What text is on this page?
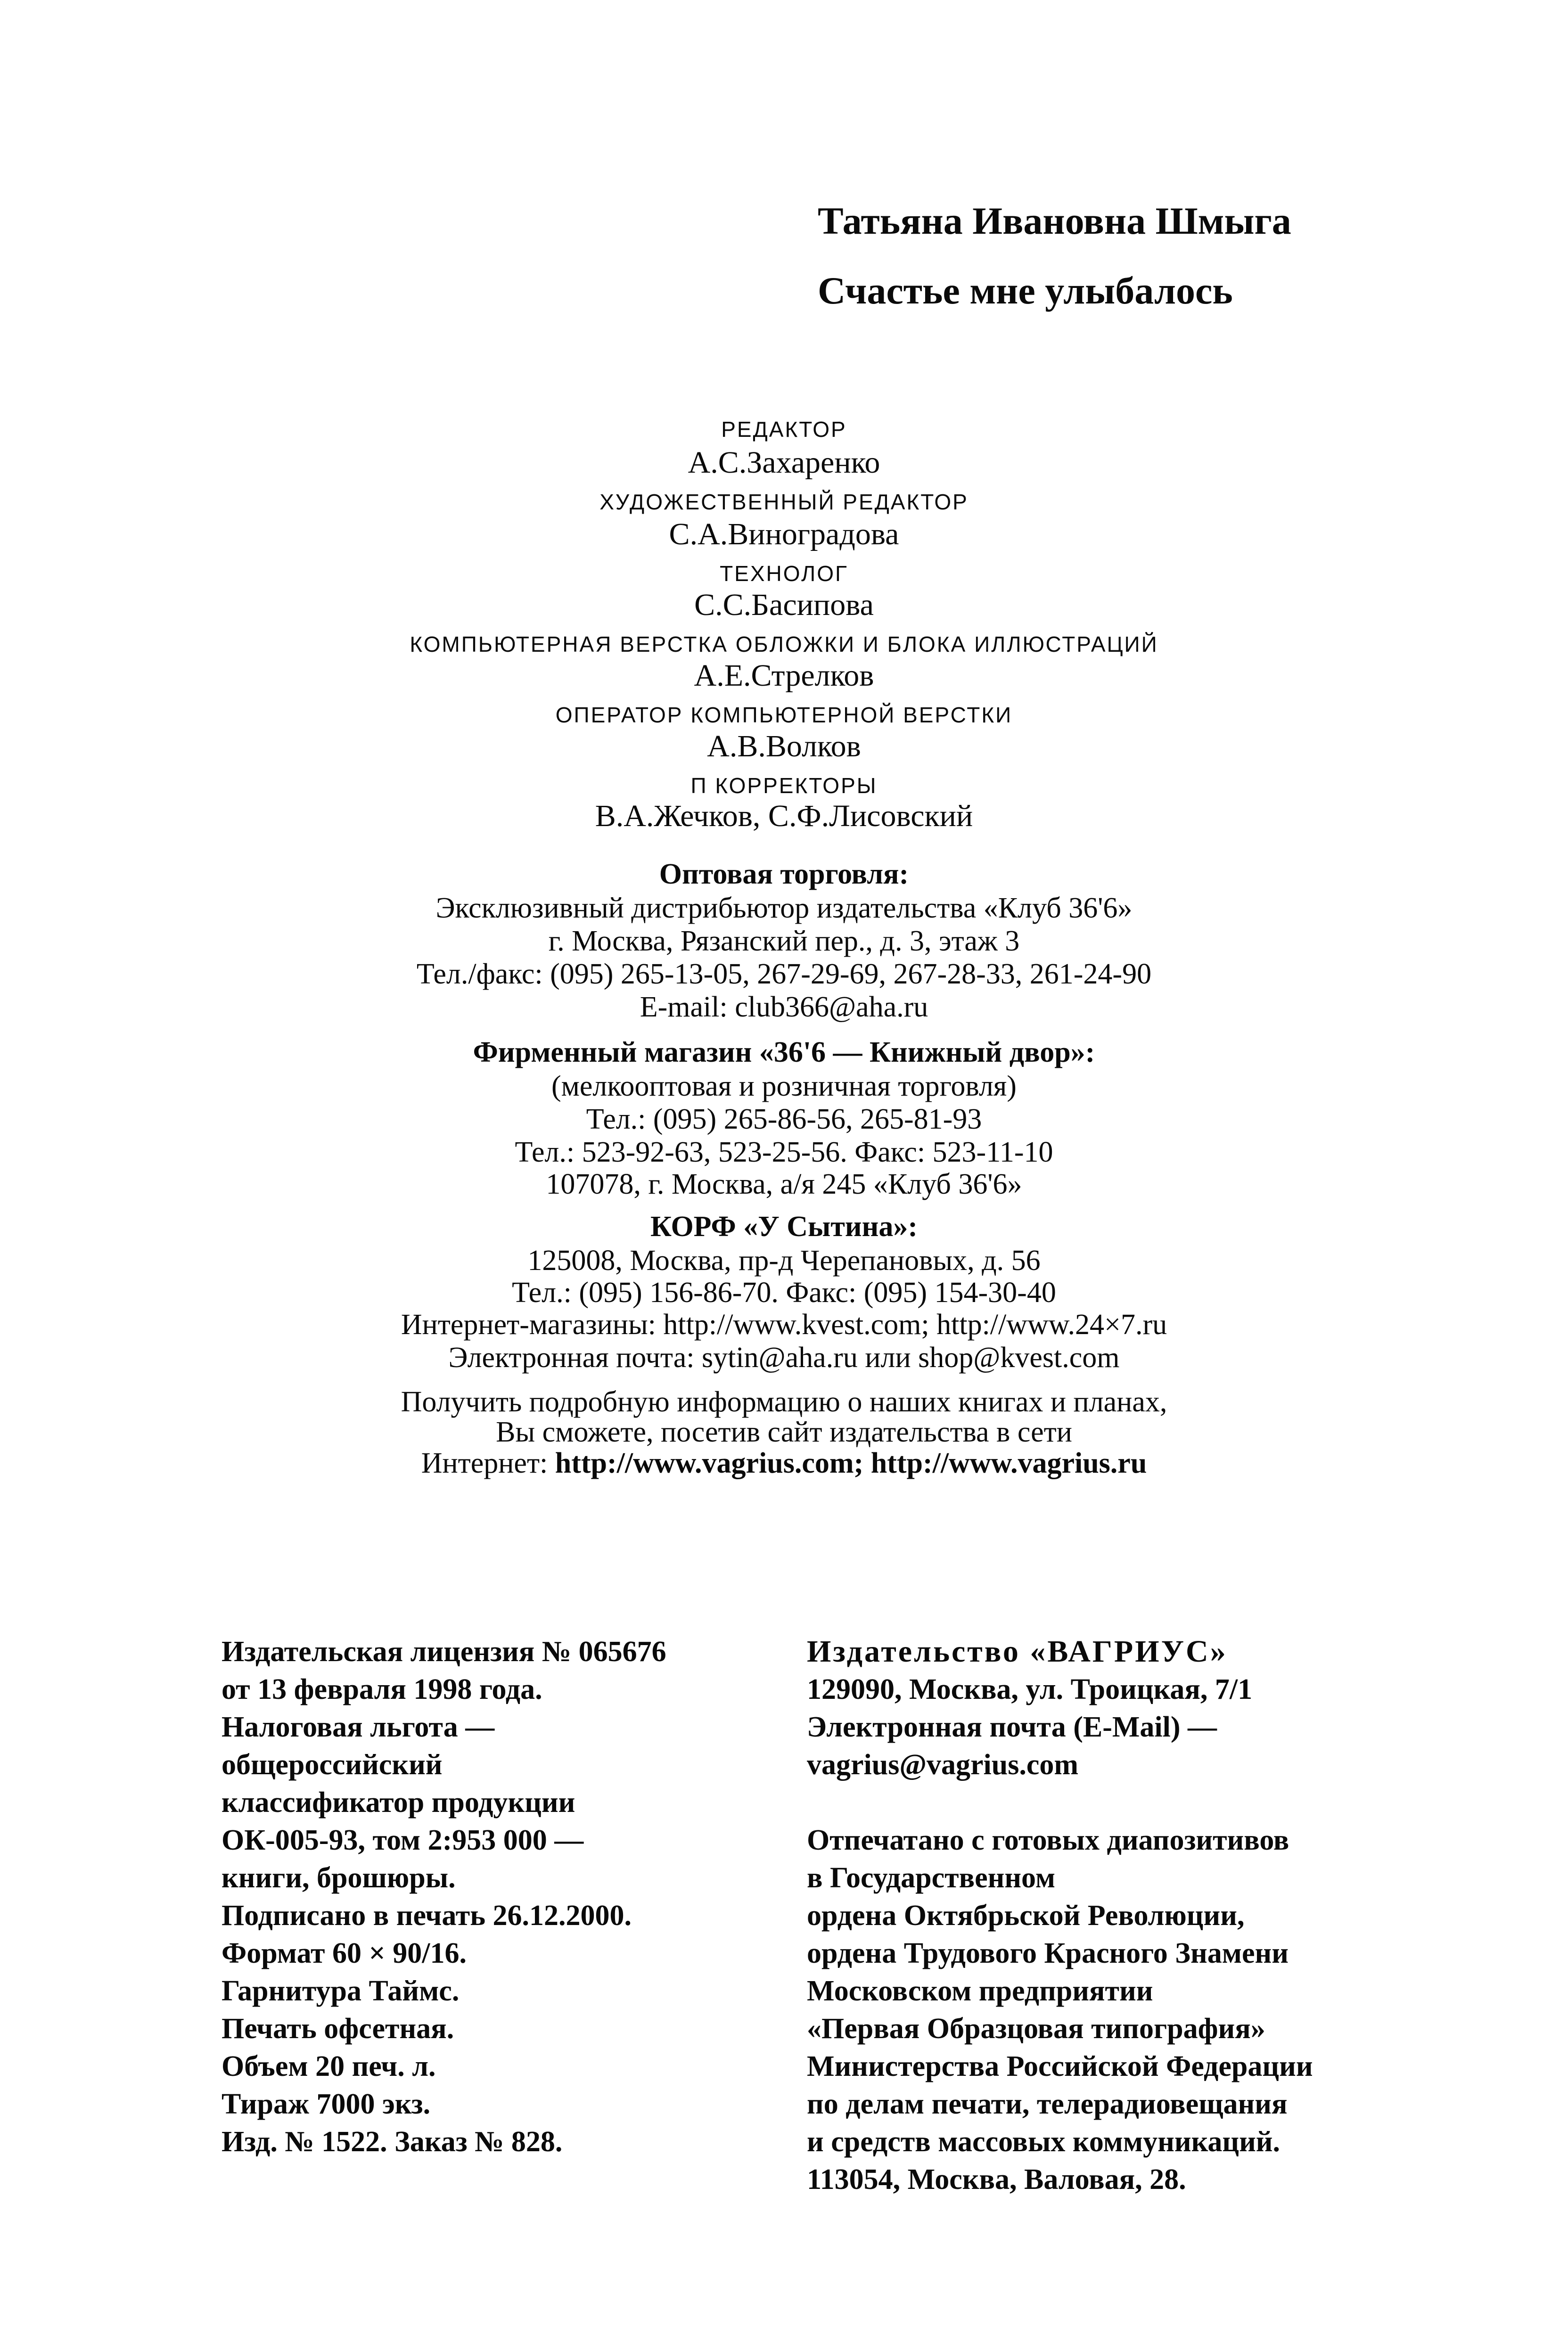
Татьяна Ивановна Шмыга
Счастье мне улыбалось
РЕДАКТОР
А.С.Захаренко
ХУДОЖЕСТВЕННЫЙ РЕДАКТОР
С.А.Виноградова
ТЕХНОЛОГ
С.С.Басипова
КОМПЬЮТЕРНАЯ ВЕРСТКА ОБЛОЖКИ И БЛОКА ИЛЛЮСТРАЦИЙ
А.Е.Стрелков
ОПЕРАТОР КОМПЬЮТЕРНОЙ ВЕРСТКИ
А.В.Волков
П КОРРЕКТОРЫ
В.А.Жечков, С.Ф.Лисовский
Оптовая торговля:
Эксклюзивный дистрибьютор издательства «Клуб 36'6»
г. Москва, Рязанский пер., д. 3, этаж 3
Тел./факс: (095) 265-13-05, 267-29-69, 267-28-33, 261-24-90
E-mail: club366@aha.ru
Фирменный магазин «36'6 — Книжный двор»:
(мелкооптовая и розничная торговля)
Тел.: (095) 265-86-56, 265-81-93
Тел.: 523-92-63, 523-25-56. Факс: 523-11-10
107078, г. Москва, а/я 245 «Клуб 36'6»
КОРФ «У Сытина»:
125008, Москва, пр-д Черепановых, д. 56
Тел.: (095) 156-86-70. Факс: (095) 154-30-40
Интернет-магазины: http://www.kvest.com; http://www.24×7.ru
Электронная почта: sytin@aha.ru или shop@kvest.com
Получить подробную информацию о наших книгах и планах,
Вы сможете, посетив сайт издательства в сети
Интернет: http://www.vagrius.com; http://www.vagrius.ru
Издательская лицензия № 065676
от 13 февраля 1998 года.
Налоговая льгота —
общероссийский
классификатор продукции
ОК-005-93, том 2:953 000 —
книги, брошюры.
Подписано в печать 26.12.2000.
Формат 60 × 90/16.
Гарнитура Таймс.
Печать офсетная.
Объем 20 печ. л.
Тираж 7000 экз.
Изд. № 1522. Заказ № 828.
Издательство «ВАГРИУС»
129090, Москва, ул. Троицкая, 7/1
Электронная почта (E-Mail) —
vagrius@vagrius.com
Отпечатано с готовых диапозитивов
в Государственном
ордена Октябрьской Революции,
ордена Трудового Красного Знамени
Московском предприятии
«Первая Образцовая типография»
Министерства Российской Федерации
по делам печати, телерадиовещания
и средств массовых коммуникаций.
113054, Москва, Валовая, 28.
